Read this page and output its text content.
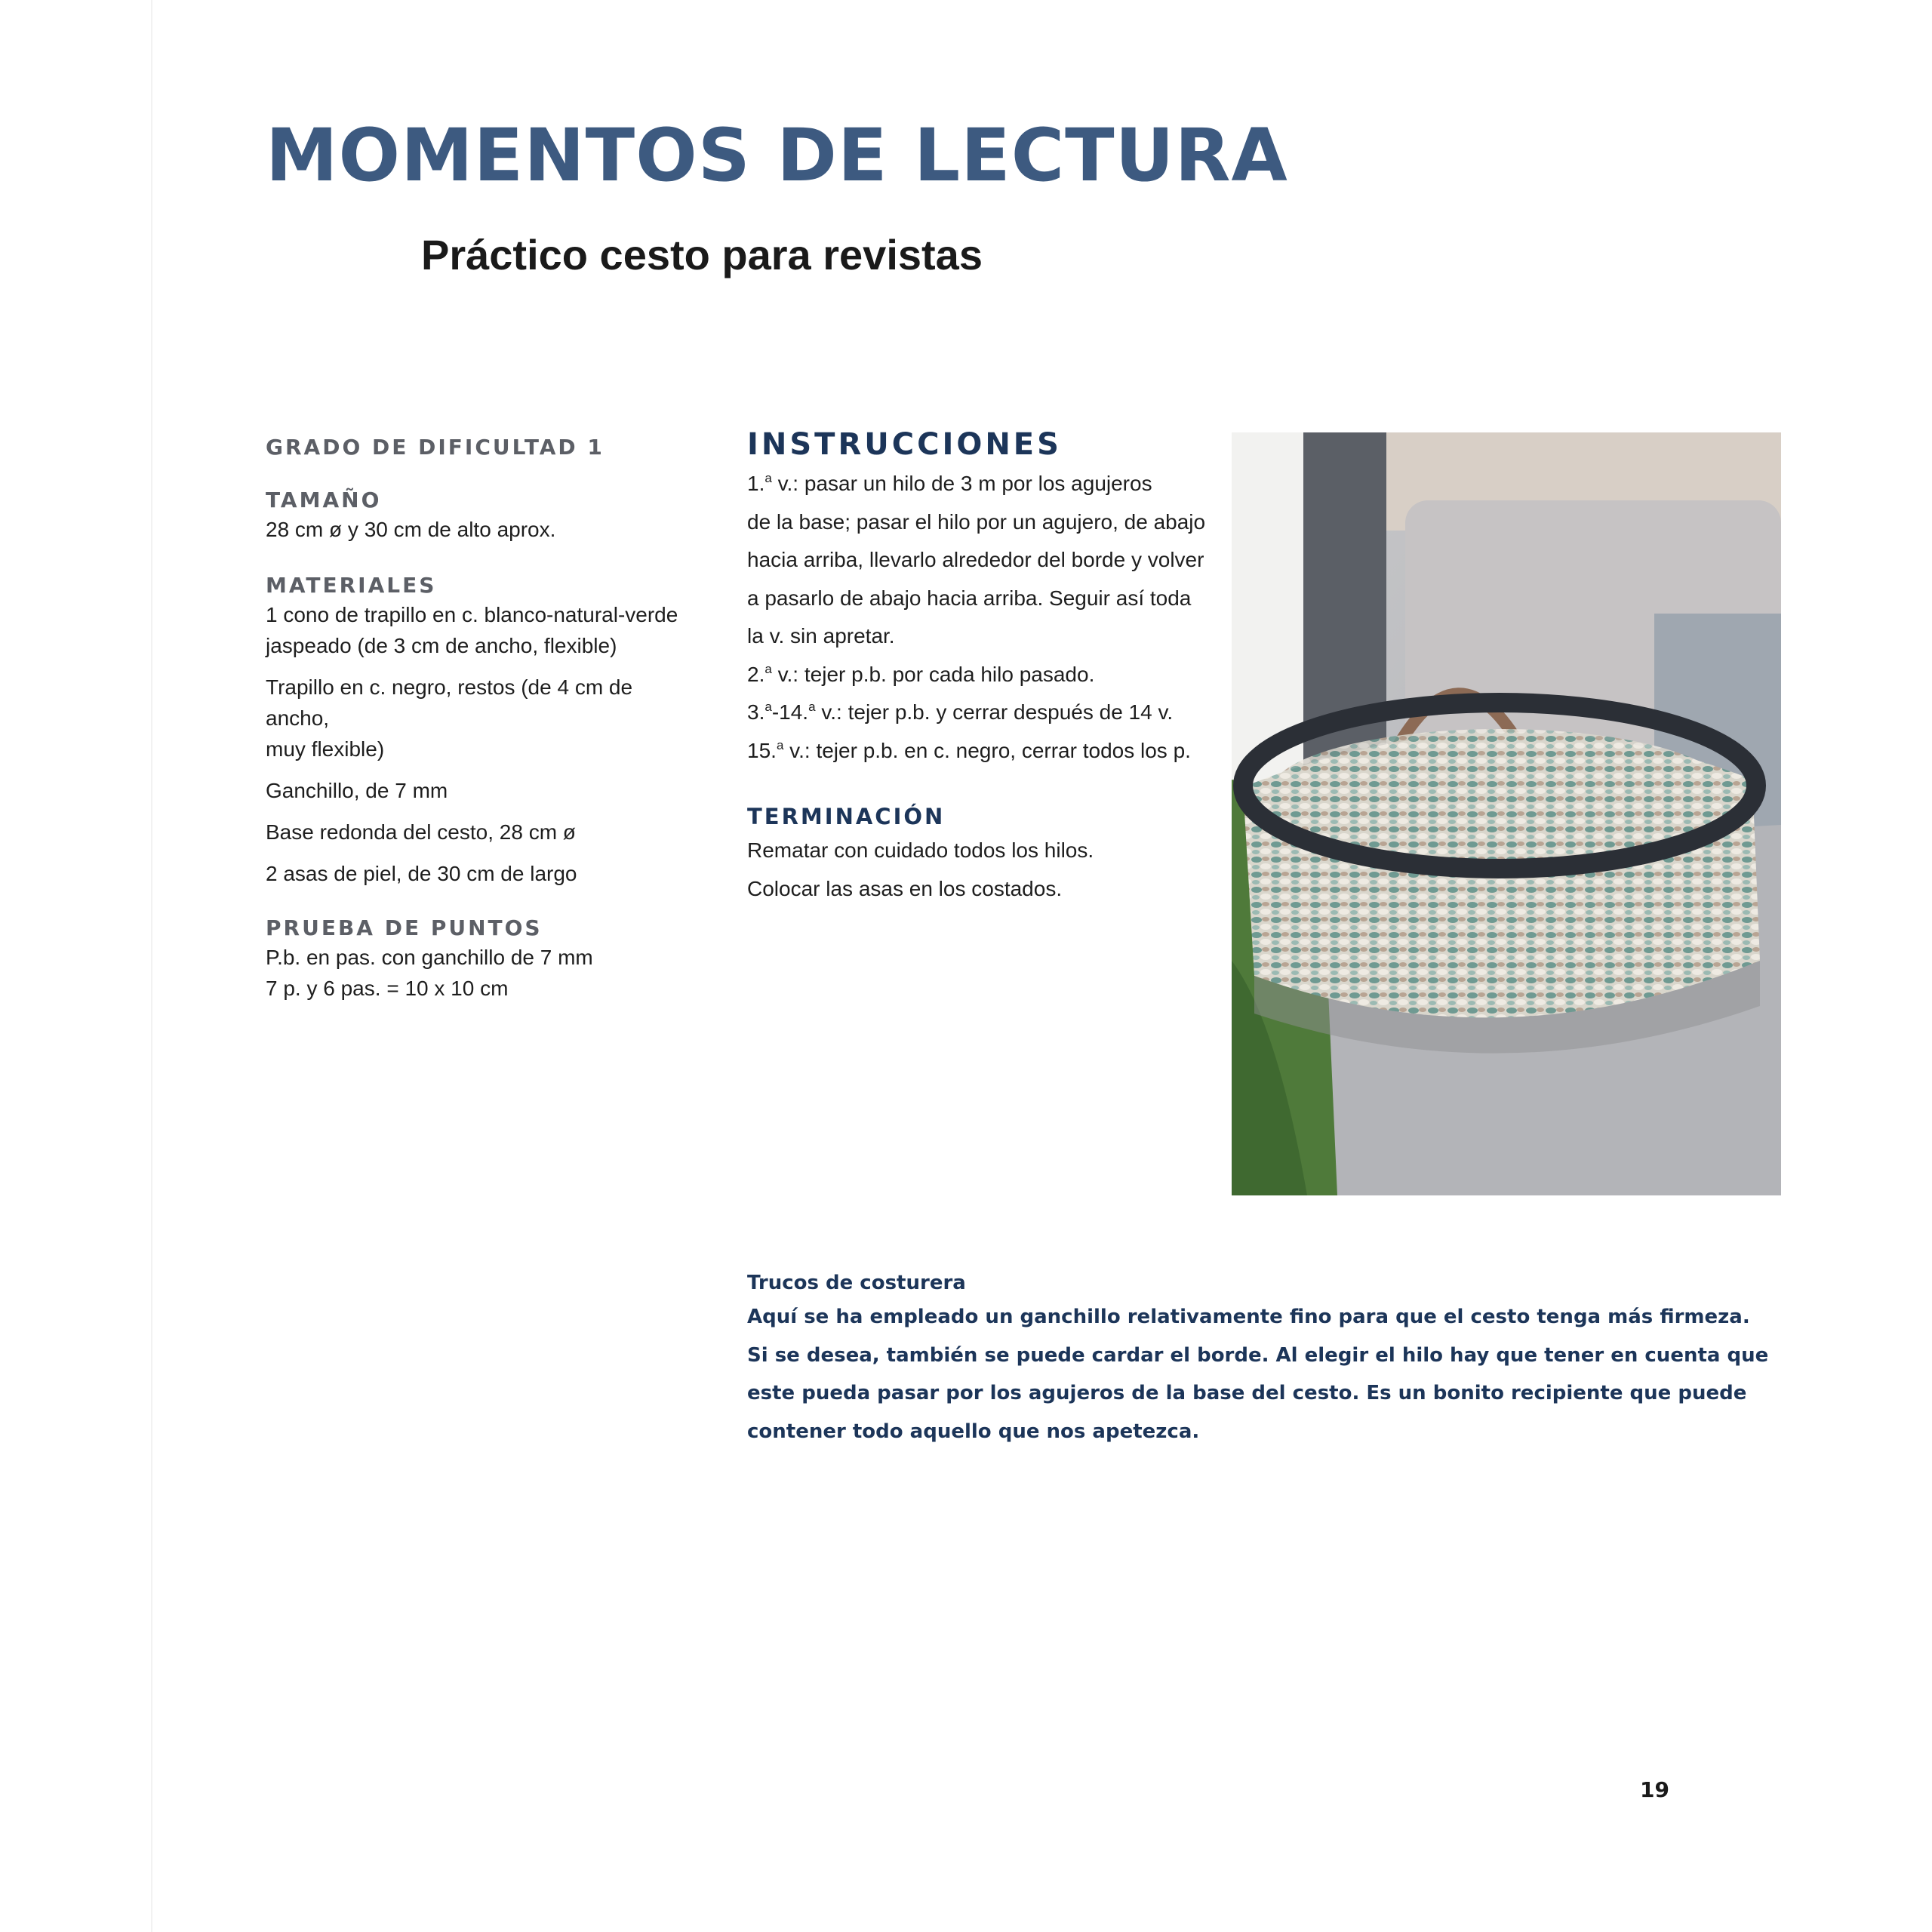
MOMENTOS DE LECTURA
Práctico cesto para revistas

GRADO DE DIFICULTAD 1

TAMAÑO

28 cm ø y 30 cm de alto aprox.

MATERIALES

1 cono de trapillo en c. blanco-natural-verde
jaspeado (de 3 cm de ancho, flexible)

Trapillo en c. negro, restos (de 4 cm de ancho,
muy flexible)

Ganchillo, de 7 mm

Base redonda del cesto, 28 cm ø

2 asas de piel, de 30 cm de largo

PRUEBA DE PUNTOS

P.b. en pas. con ganchillo de 7 mm

7 p. y 6 pas. = 10 x 10 cm

INSTRUCCIONES

1.$^a$ v.: pasar un hilo de 3 m por los agujeros

de la base; pasar el hilo por un agujero, de abajo

hacia arriba, llevarlo alrededor del borde y volver

a pasarlo de abajo hacia arriba. Seguir así toda

la v. sin apretar.

2.$^a$ v.: tejer p.b. por cada hilo pasado.

3.$^a$-14.$^a$ v.: tejer p.b. y cerrar después de 14 v.

15.$^a$ v.: tejer p.b. en c. negro, cerrar todos los p.

TERMINACIÓN

Rematar con cuidado todos los hilos.

Colocar las asas en los costados.

Trucos de costurera

Aquí se ha empleado un ganchillo relativamente fino para que el cesto tenga más firmeza.

Si se desea, también se puede cardar el borde. Al elegir el hilo hay que tener en cuenta que

este pueda pasar por los agujeros de la base del cesto. Es un bonito recipiente que puede

contener todo aquello que nos apetezca.

19
